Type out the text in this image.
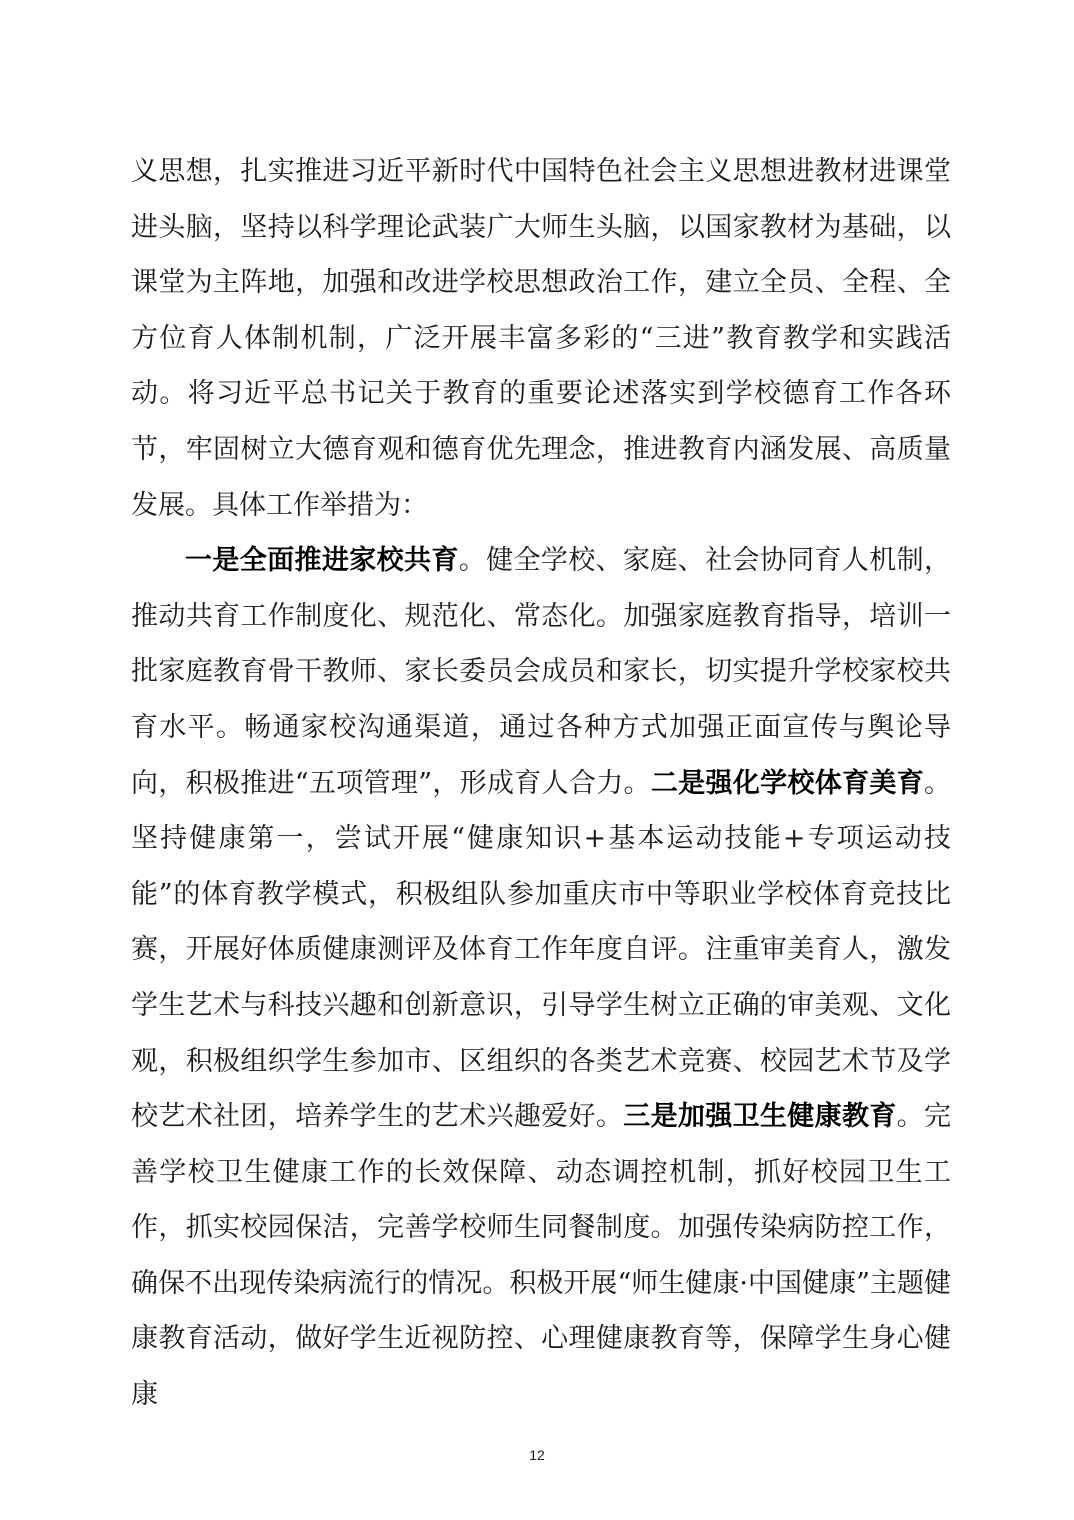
义思想，扎实推进习近平新时代中国特色社会主义思想进教材进课堂进头脑，坚持以科学理论武装广大师生头脑，以国家教材为基础，以课堂为主阵地，加强和改进学校思想政治工作，建立全员、全程、全方位育人体制机制，广泛开展丰富多彩的“三进”教育教学和实践活动。将习近平总书记关于教育的重要论述落实到学校德育工作各环节，牢固树立大德育观和德育优先理念，推进教育内涵发展、高质量发展。具体工作举措为：

一是全面推进家校共育。健全学校、家庭、社会协同育人机制，推动共育工作制度化、规范化、常态化。加强家庭教育指导，培训一批家庭教育骨干教师、家长委员会成员和家长，切实提升学校家校共育水平。畅通家校沟通渠道，通过各种方式加强正面宣传与舆论导向，积极推进“五项管理”，形成育人合力。二是强化学校体育美育。坚持健康第一，尝试开展“健康知识+基本运动技能+专项运动技能”的体育教学模式，积极组队参加重庆市中等职业学校体育竞技比赛，开展好体质健康测评及体育工作年度自评。注重审美育人，激发学生艺术与科技兴趣和创新意识，引导学生树立正确的审美观、文化观，积极组织学生参加市、区组织的各类艺术竞赛、校园艺术节及学校艺术社团，培养学生的艺术兴趣爱好。三是加强卫生健康教育。完善学校卫生健康工作的长效保障、动态调控机制，抓好校园卫生工作，抓实校园保洁，完善学校师生同餐制度。加强传染病防控工作，确保不出现传染病流行的情况。积极开展“师生健康·中国健康”主题健康教育活动，做好学生近视防控、心理健康教育等，保障学生身心健康

12
